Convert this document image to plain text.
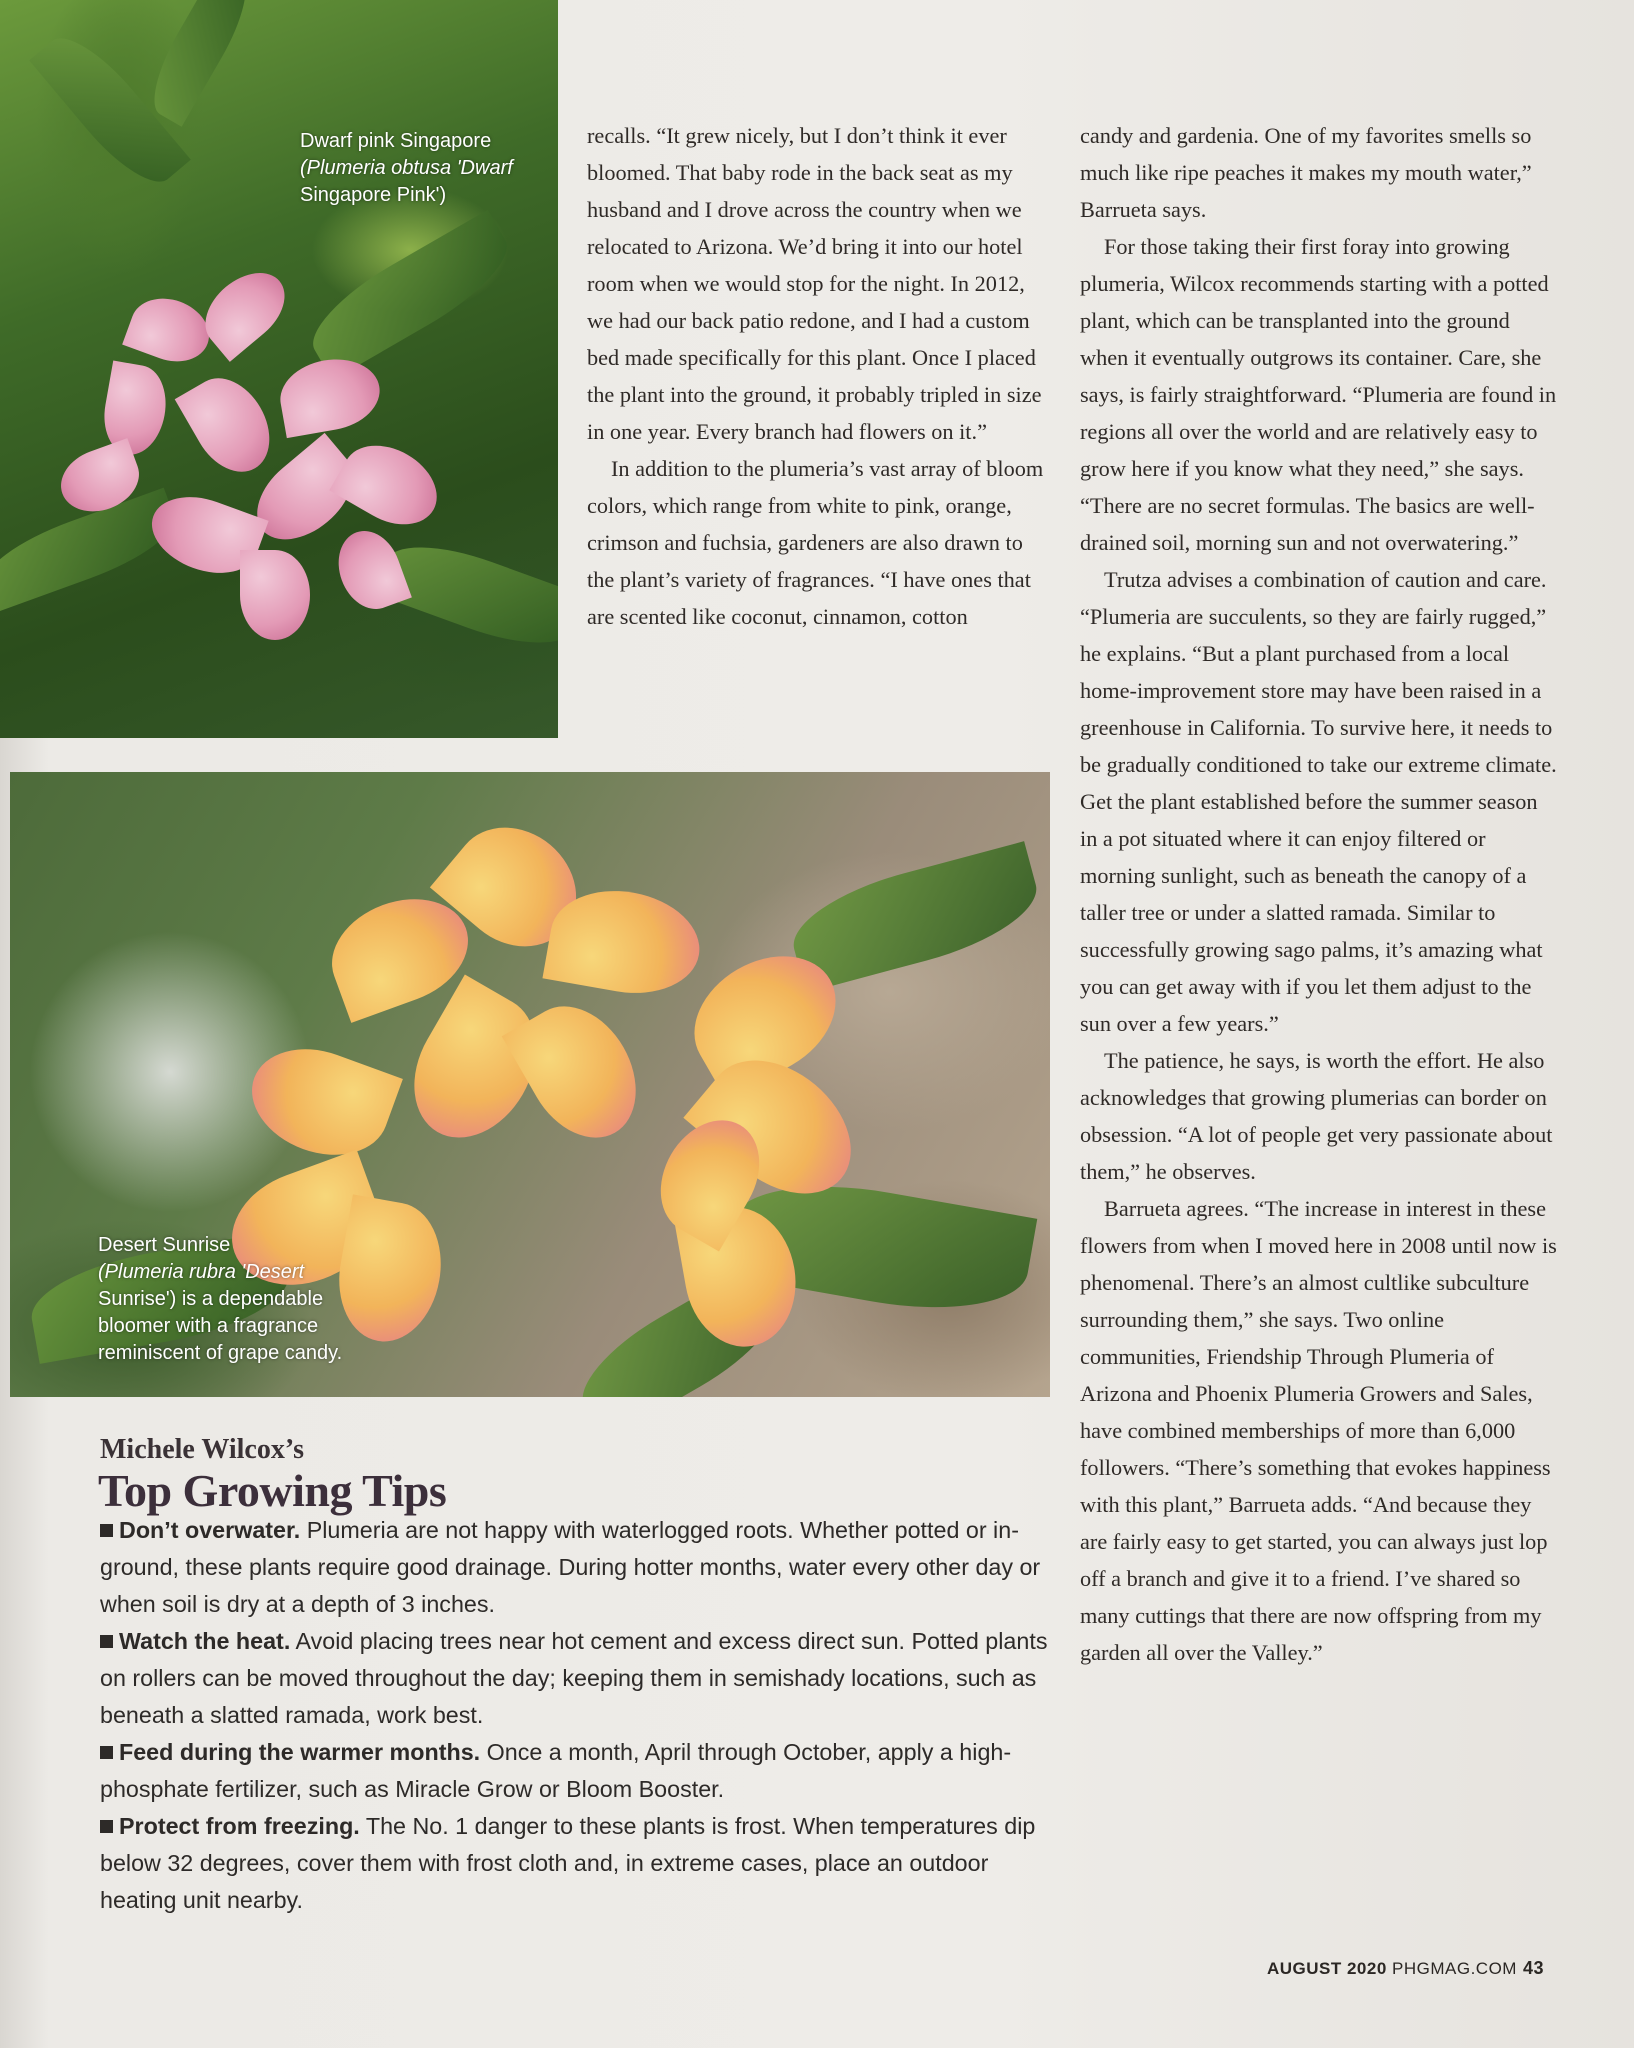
Dwarf pink Singapore
(Plumeria obtusa 'Dwarf
Singapore Pink')
Desert Sunrise
(Plumeria rubra 'Desert
Sunrise') is a dependable
bloomer with a fragrance
reminiscent of grape candy.

recalls. “It grew nicely, but I don’t think it ever bloomed. That baby rode in the back seat as my husband and I drove across the country when we relocated to Arizona. We’d bring it into our hotel room when we would stop for the night. In 2012, we had our back patio redone, and I had a custom bed made specifically for this plant. Once I placed the plant into the ground, it probably tripled in size in one year. Every branch had flowers on it.”

In addition to the plumeria’s vast array of bloom colors, which range from white to pink, orange, crimson and fuchsia, gardeners are also drawn to the plant’s variety of fragrances. “I have ones that are scented like coconut, cinnamon, cotton

candy and gardenia. One of my favorites smells so much like ripe peaches it makes my mouth water,” Barrueta says.

For those taking their first foray into growing plumeria, Wilcox recommends starting with a potted plant, which can be transplanted into the ground when it eventually outgrows its container. Care, she says, is fairly straightforward. “Plumeria are found in regions all over the world and are relatively easy to grow here if you know what they need,” she says. “There are no secret formulas. The basics are well-drained soil, morning sun and not overwatering.”

Trutza advises a combination of caution and care. “Plumeria are succulents, so they are fairly rugged,” he explains. “But a plant purchased from a local home-improvement store may have been raised in a greenhouse in California. To survive here, it needs to be gradually conditioned to take our extreme climate. Get the plant established before the summer season in a pot situated where it can enjoy filtered or morning sunlight, such as beneath the canopy of a taller tree or under a slatted ramada. Similar to successfully growing sago palms, it’s amazing what you can get away with if you let them adjust to the sun over a few years.”

The patience, he says, is worth the effort. He also acknowledges that growing plumerias can border on obsession. “A lot of people get very passionate about them,” he observes.

Barrueta agrees. “The increase in interest in these flowers from when I moved here in 2008 until now is phenomenal. There’s an almost cultlike subculture surrounding them,” she says. Two online communities, Friendship Through Plumeria of Arizona and Phoenix Plumeria Growers and Sales, have combined memberships of more than 6,000 followers. “There’s something that evokes happiness with this plant,” Barrueta adds. “And because they are fairly easy to get started, you can always just lop off a branch and give it to a friend. I’ve shared so many cuttings that there are now offspring from my garden all over the Valley.”

Michele Wilcox’s
Top Growing Tips
Don’t overwater. Plumeria are not happy with waterlogged roots. Whether potted or in-ground, these plants require good drainage. During hotter months, water every other day or when soil is dry at a depth of 3 inches.
Watch the heat. Avoid placing trees near hot cement and excess direct sun. Potted plants on rollers can be moved throughout the day; keeping them in semishady locations, such as beneath a slatted ramada, work best.
Feed during the warmer months. Once a month, April through October, apply a high-phosphate fertilizer, such as Miracle Grow or Bloom Booster.
Protect from freezing. The No. 1 danger to these plants is frost. When temperatures dip below 32 degrees, cover them with frost cloth and, in extreme cases, place an outdoor heating unit nearby.
AUGUST 2020 PHGMAG.COM 43
